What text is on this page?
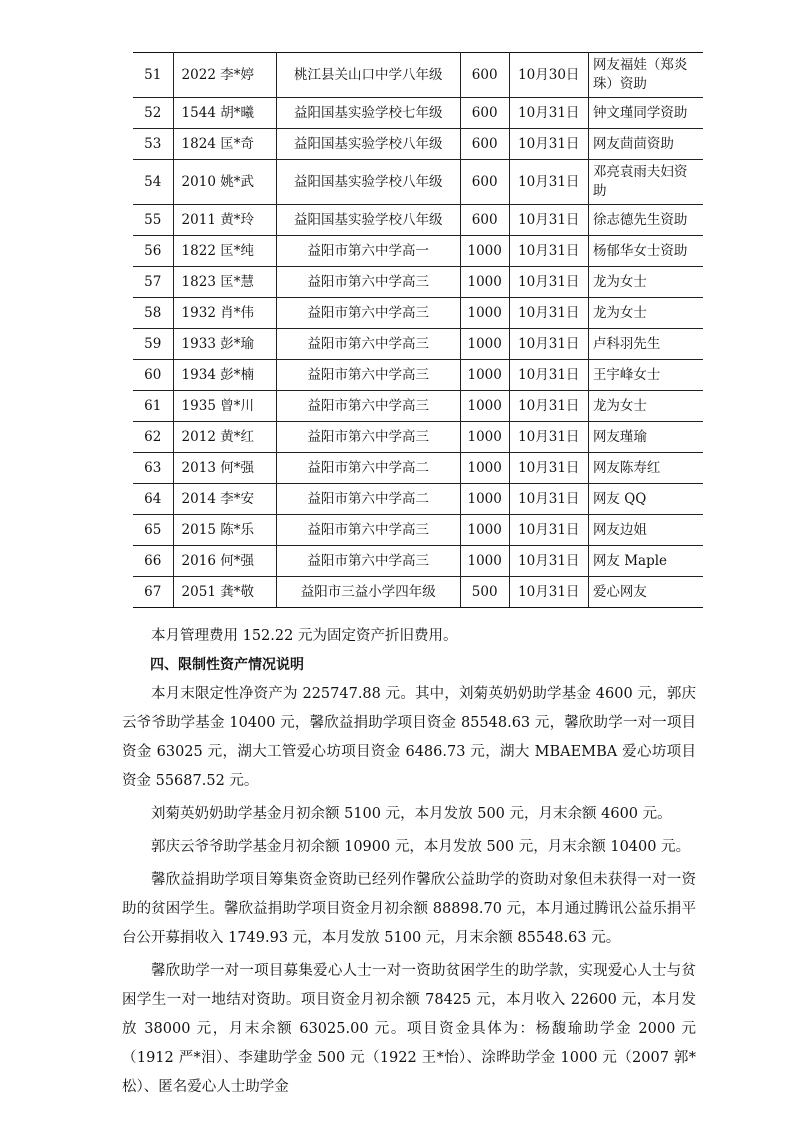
51	2022 李*婷	桃江县关山口中学八年级	600	10月30日	网友福娃（郑炎珠）资助
52	1544 胡*曦	益阳国基实验学校七年级	600	10月31日	钟文瑾同学资助
53	1824 匡*奇	益阳国基实验学校八年级	600	10月31日	网友茴茴资助
54	2010 姚*武	益阳国基实验学校八年级	600	10月31日	邓亮袁雨夫妇资助
55	2011 黄*玲	益阳国基实验学校八年级	600	10月31日	徐志德先生资助
56	1822 匡*纯	益阳市第六中学高一	1000	10月31日	杨郁华女士资助
57	1823 匡*慧	益阳市第六中学高三	1000	10月31日	龙为女士
58	1932 肖*伟	益阳市第六中学高三	1000	10月31日	龙为女士
59	1933 彭*瑜	益阳市第六中学高三	1000	10月31日	卢科羽先生
60	1934 彭*楠	益阳市第六中学高三	1000	10月31日	王宇峰女士
61	1935 曾*川	益阳市第六中学高三	1000	10月31日	龙为女士
62	2012 黄*红	益阳市第六中学高三	1000	10月31日	网友瑾瑜
63	2013 何*强	益阳市第六中学高二	1000	10月31日	网友陈寿红
64	2014 李*安	益阳市第六中学高二	1000	10月31日	网友 QQ
65	2015 陈*乐	益阳市第六中学高三	1000	10月31日	网友边姐
66	2016 何*强	益阳市第六中学高三	1000	10月31日	网友 Maple
67	2051 龚*敬	益阳市三益小学四年级	500	10月31日	爱心网友

本月管理费用 152.22 元为固定资产折旧费用。

四、限制性资产情况说明

本月末限定性净资产为 225747.88 元。其中，刘菊英奶奶助学基金 4600 元，郭庆云爷爷助学基金 10400 元，馨欣益捐助学项目资金 85548.63 元，馨欣助学一对一项目资金 63025 元，湖大工管爱心坊项目资金 6486.73 元，湖大 MBAEMBA 爱心坊项目资金 55687.52 元。

刘菊英奶奶助学基金月初余额 5100 元，本月发放 500 元，月末余额 4600 元。

郭庆云爷爷助学基金月初余额 10900 元，本月发放 500 元，月末余额 10400 元。

馨欣益捐助学项目筹集资金资助已经列作馨欣公益助学的资助对象但未获得一对一资助的贫困学生。馨欣益捐助学项目资金月初余额 88898.70 元，本月通过腾讯公益乐捐平台公开募捐收入 1749.93 元，本月发放 5100 元，月末余额 85548.63 元。

馨欣助学一对一项目募集爱心人士一对一资助贫困学生的助学款，实现爱心人士与贫困学生一对一地结对资助。项目资金月初余额 78425 元，本月收入 22600 元，本月发放 38000 元，月末余额 63025.00 元。项目资金具体为：杨馥瑜助学金 2000 元（1912 严*泪）、李建助学金 500 元（1922 王*怡）、涂晔助学金 1000 元（2007 郭*松）、匿名爱心人士助学金
